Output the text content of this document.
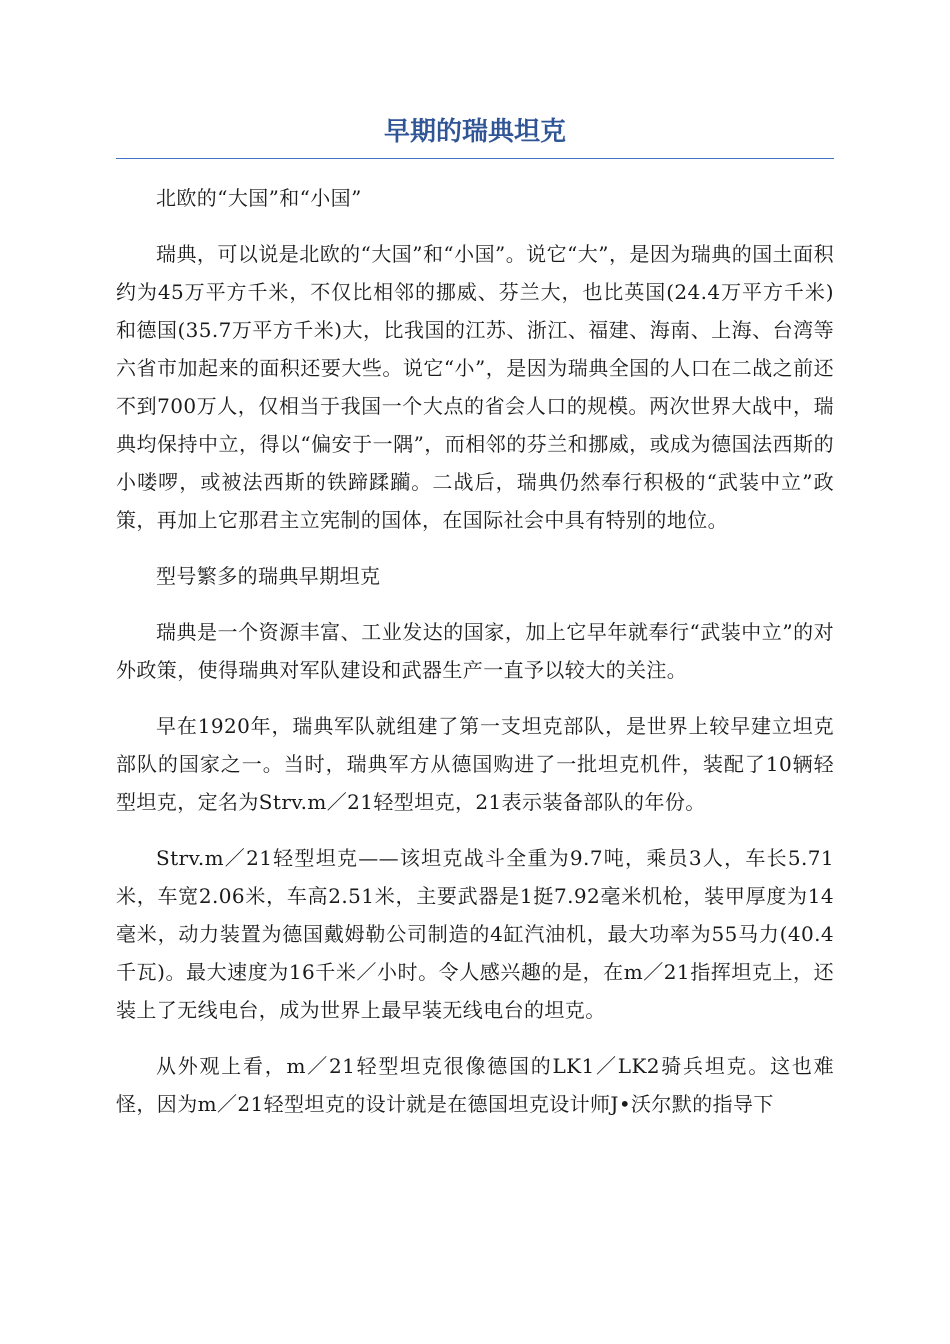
早期的瑞典坦克

北欧的“大国”和“小国”

瑞典，可以说是北欧的“大国”和“小国”。说它“大”，是因为瑞典的国土面积约为45万平方千米，不仅比相邻的挪威、芬兰大，也比英国(24.4万平方千米)和德国(35.7万平方千米)大，比我国的江苏、浙江、福建、海南、上海、台湾等六省市加起来的面积还要大些。说它“小”，是因为瑞典全国的人口在二战之前还不到700万人，仅相当于我国一个大点的省会人口的规模。两次世界大战中，瑞典均保持中立，得以“偏安于一隅”，而相邻的芬兰和挪威，或成为德国法西斯的小喽啰，或被法西斯的铁蹄蹂躏。二战后，瑞典仍然奉行积极的“武装中立”政策，再加上它那君主立宪制的国体，在国际社会中具有特别的地位。

型号繁多的瑞典早期坦克

瑞典是一个资源丰富、工业发达的国家，加上它早年就奉行“武装中立”的对外政策，使得瑞典对军队建设和武器生产一直予以较大的关注。

早在1920年，瑞典军队就组建了第一支坦克部队，是世界上较早建立坦克部队的国家之一。当时，瑞典军方从德国购进了一批坦克机件，装配了10辆轻型坦克，定名为Strv.m／21轻型坦克，21表示装备部队的年份。

Strv.m／21轻型坦克——该坦克战斗全重为9.7吨，乘员3人，车长5.71米，车宽2.06米，车高2.51米，主要武器是1挺7.92毫米机枪，装甲厚度为14毫米，动力装置为德国戴姆勒公司制造的4缸汽油机，最大功率为55马力(40.4千瓦)。最大速度为16千米／小时。令人感兴趣的是，在m／21指挥坦克上，还装上了无线电台，成为世界上最早装无线电台的坦克。

从外观上看，m／21轻型坦克很像德国的LK1／LK2骑兵坦克。这也难怪，因为m／21轻型坦克的设计就是在德国坦克设计师J•沃尔默的指导下
